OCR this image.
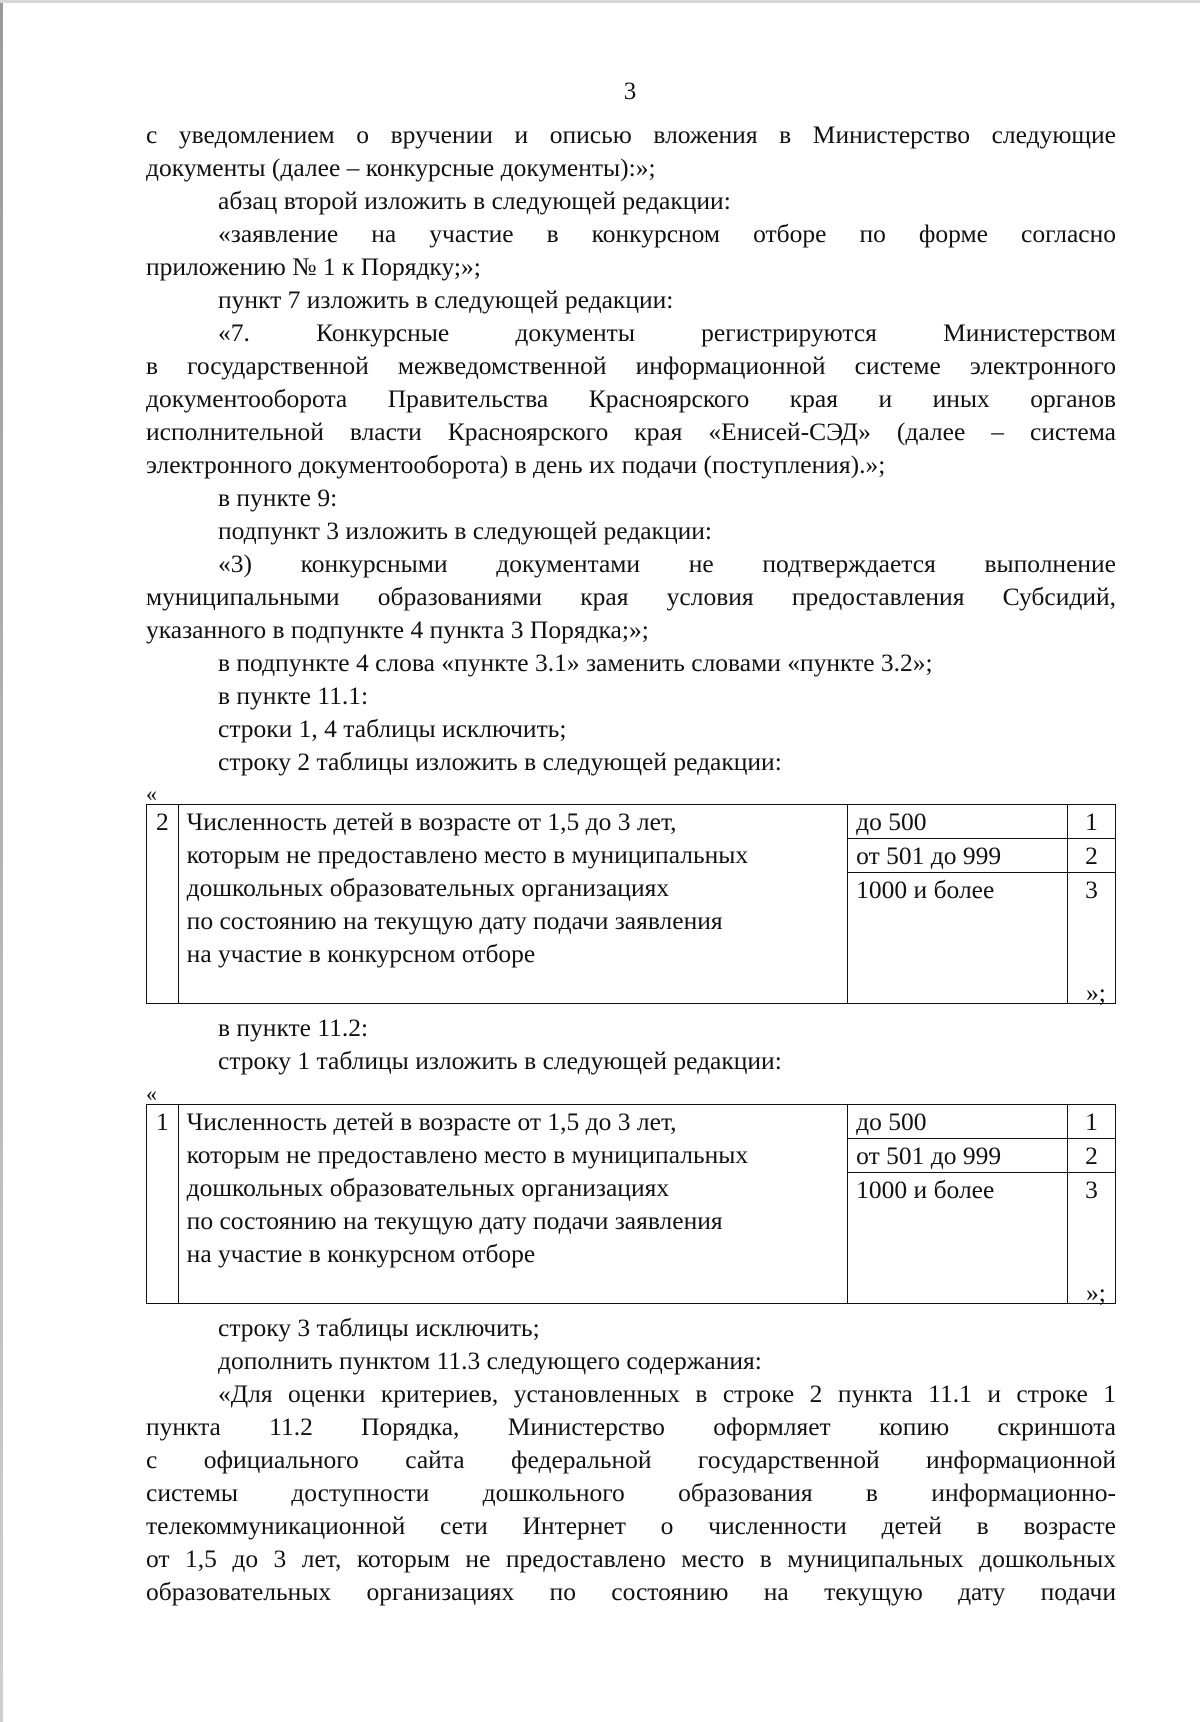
3
с уведомлением о вручении и описью вложения в Министерство следующие
документы (далее – конкурсные документы):»;
абзац второй изложить в следующей редакции:
«заявление на участие в конкурсном отборе по форме согласно
приложению № 1 к Порядку;»;
пункт 7 изложить в следующей редакции:
«7. Конкурсные документы регистрируются Министерством
в государственной межведомственной информационной системе электронного
документооборота Правительства Красноярского края и иных органов
исполнительной власти Красноярского края «Енисей-СЭД» (далее – система
электронного документооборота) в день их подачи (поступления).»;
в пункте 9:
подпункт 3 изложить в следующей редакции:
«3) конкурсными документами не подтверждается выполнение
муниципальными образованиями края условия предоставления Субсидий,
указанного в подпункте 4 пункта 3 Порядка;»;
в подпункте 4 слова «пункте 3.1» заменить словами «пункте 3.2»;
в пункте 11.1:
строки 1, 4 таблицы исключить;
строку 2 таблицы изложить в следующей редакции:
«
2	Численность детей в возрасте от 1,5 до 3 лет,
которым не предоставлено место в муниципальных
дошкольных образовательных организациях
по состоянию на текущую дату подачи заявления
на участие в конкурсном отборе	до 500	1
		от 501 до 999	2
		1000 и более	3

»;
в пункте 11.2:
строку 1 таблицы изложить в следующей редакции:
«
1	Численность детей в возрасте от 1,5 до 3 лет,
которым не предоставлено место в муниципальных
дошкольных образовательных организациях
по состоянию на текущую дату подачи заявления
на участие в конкурсном отборе	до 500	1
		от 501 до 999	2
		1000 и более	3

»;
строку 3 таблицы исключить;
дополнить пунктом 11.3 следующего содержания:
«Для оценки критериев, установленных в строке 2 пункта 11.1 и строке 1
пункта 11.2 Порядка, Министерство оформляет копию скриншота
с официального сайта федеральной государственной информационной
системы доступности дошкольного образования в информационно-
телекоммуникационной сети Интернет о численности детей в возрасте
от 1,5 до 3 лет, которым не предоставлено место в муниципальных дошкольных
образовательных организациях по состоянию на текущую дату подачи
